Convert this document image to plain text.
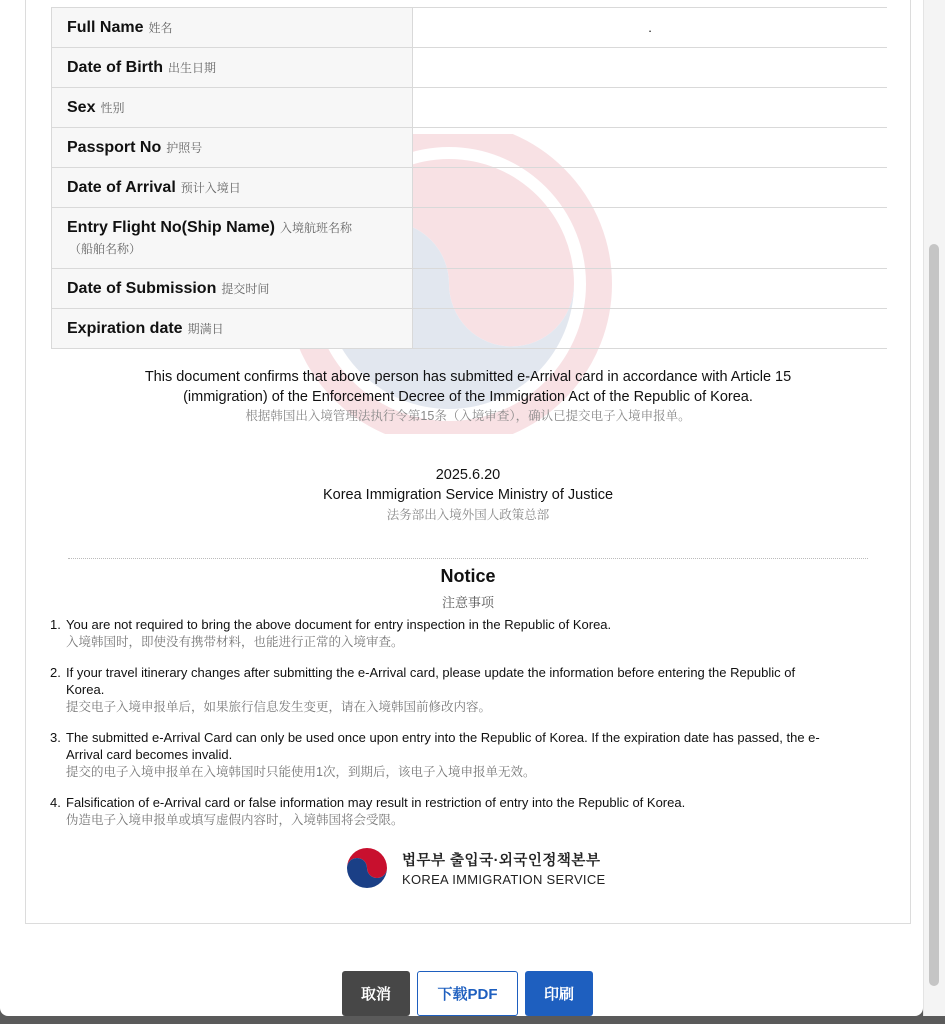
Full Name 姓名	.
Date of Birth 出生日期	
Sex 性别	
Passport No 护照号	
Date of Arrival 预计入境日	
Entry Flight No(Ship Name) 入境航班名称
（船舶名称）	

Date of Submission 提交时间	
Expiration date 期满日	
This document confirms that above person has submitted e-Arrival card in accordance with Article 15
(immigration) of the Enforcement Decree of the Immigration Act of the Republic of Korea.
根据韩国出入境管理法执行令第15条（入境审查），确认已提交电子入境申报单。
2025.6.20
Korea Immigration Service Ministry of Justice
法务部出入境外国人政策总部
Notice
注意事项
1. You are not required to bring the above document for entry inspection in the Republic of Korea.
入境韩国时，即使没有携带材料，也能进行正常的入境审查。
2. If your travel itinerary changes after submitting the e-Arrival card, please update the information before entering the Republic of Korea.
提交电子入境申报单后，如果旅行信息发生变更，请在入境韩国前修改内容。
3. The submitted e-Arrival Card can only be used once upon entry into the Republic of Korea. If the expiration date has passed, the e-Arrival card becomes invalid.
提交的电子入境申报单在入境韩国时只能使用1次，到期后，该电子入境申报单无效。
4. Falsification of e-Arrival card or false information may result in restriction of entry into the Republic of Korea.
伪造电子入境申报单或填写虚假内容时，入境韩国将会受限。
법무부 출입국·외국인정책본부
KOREA IMMIGRATION SERVICE
取消	下载PDF	印刷
